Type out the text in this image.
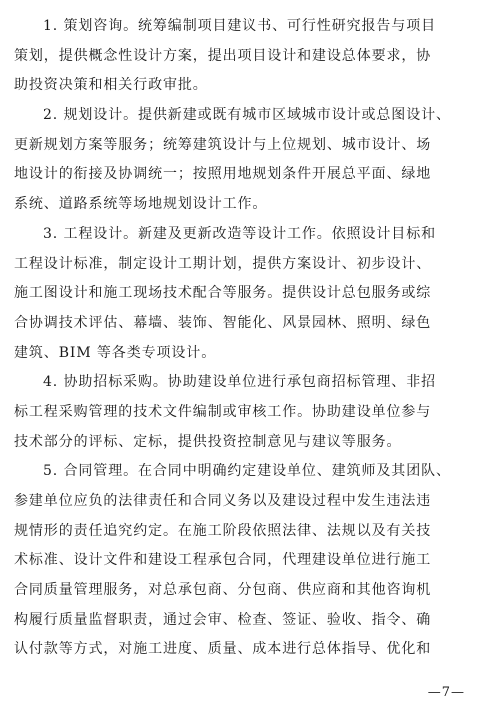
1. 策划咨询。统筹编制项目建议书、可行性研究报告与项目
策划，提供概念性设计方案，提出项目设计和建设总体要求，协
助投资决策和相关行政审批。
2. 规划设计。提供新建或既有城市区域城市设计或总图设计、
更新规划方案等服务；统筹建筑设计与上位规划、城市设计、场
地设计的衔接及协调统一；按照用地规划条件开展总平面、绿地
系统、道路系统等场地规划设计工作。
3. 工程设计。新建及更新改造等设计工作。依照设计目标和
工程设计标准，制定设计工期计划，提供方案设计、初步设计、
施工图设计和施工现场技术配合等服务。提供设计总包服务或综
合协调技术评估、幕墙、装饰、智能化、风景园林、照明、绿色
建筑、BIM 等各类专项设计。
4. 协助招标采购。协助建设单位进行承包商招标管理、非招
标工程采购管理的技术文件编制或审核工作。协助建设单位参与
技术部分的评标、定标，提供投资控制意见与建议等服务。
5. 合同管理。在合同中明确约定建设单位、建筑师及其团队、
参建单位应负的法律责任和合同义务以及建设过程中发生违法违
规情形的责任追究约定。在施工阶段依照法律、法规以及有关技
术标准、设计文件和建设工程承包合同，代理建设单位进行施工
合同质量管理服务，对总承包商、分包商、供应商和其他咨询机
构履行质量监督职责，通过会审、检查、签证、验收、指令、确
认付款等方式，对施工进度、质量、成本进行总体指导、优化和
—7—
